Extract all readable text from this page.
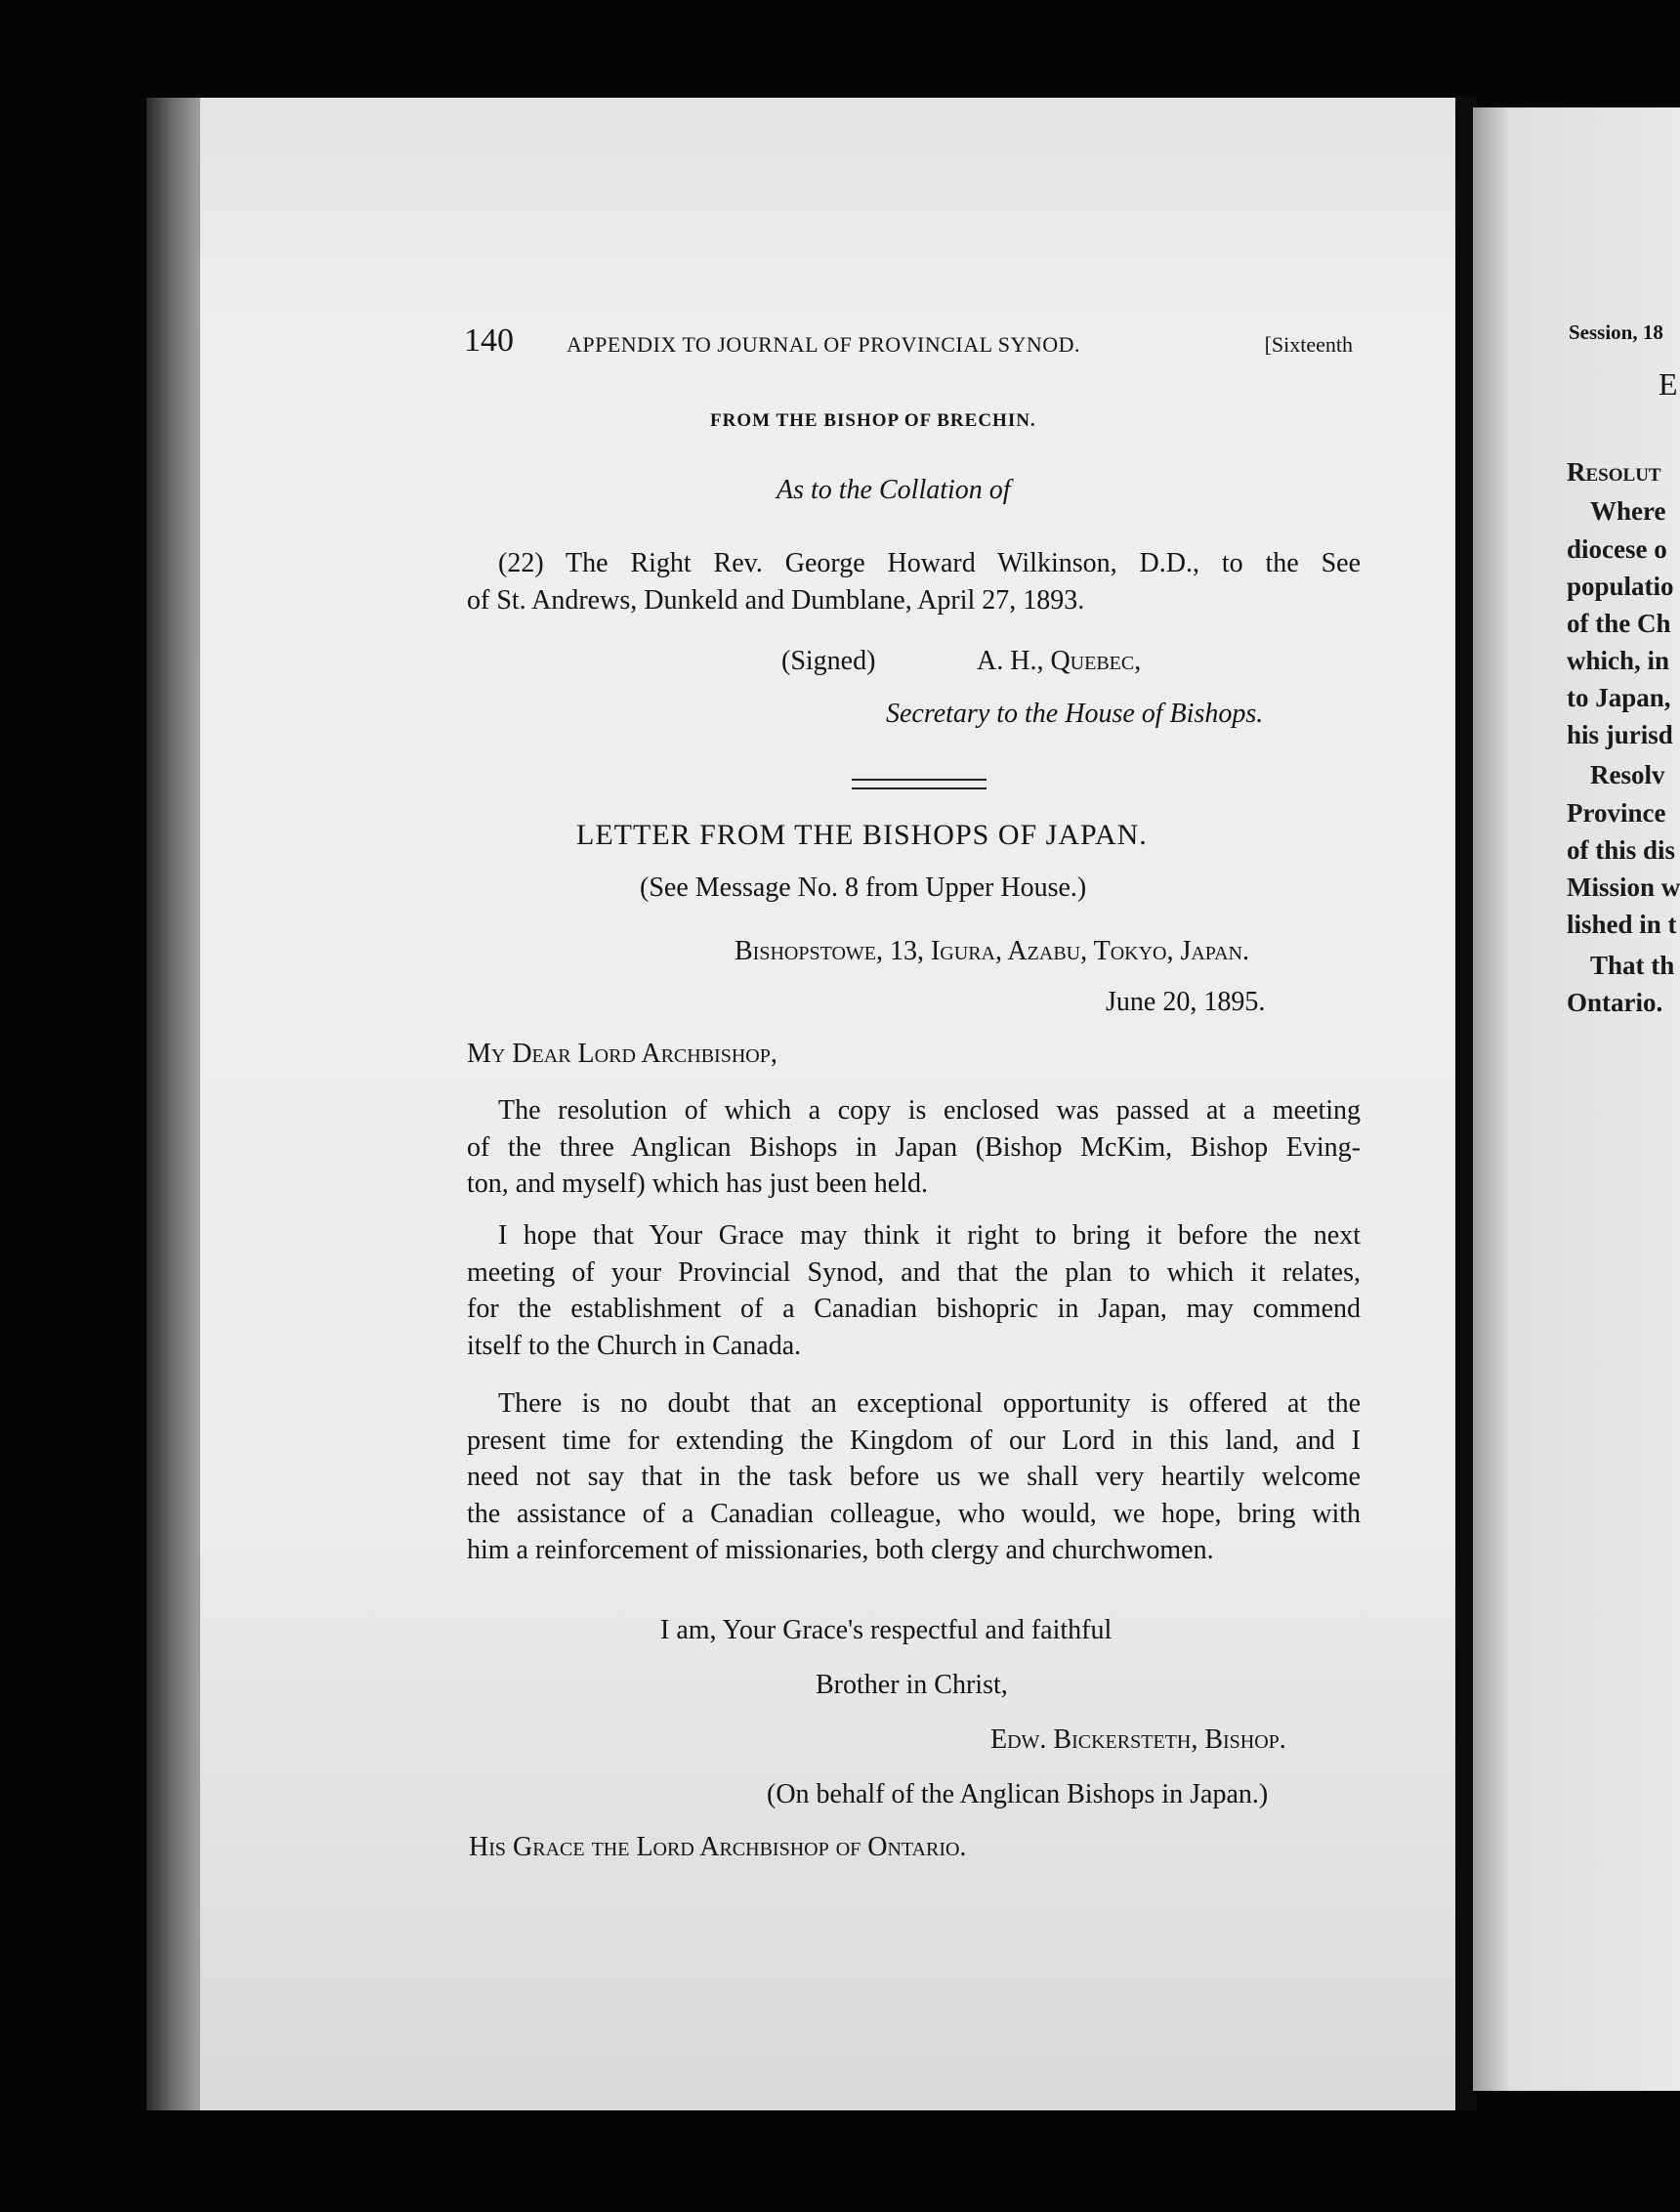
Session, 18
E
Resolut
Where
diocese o
populatio
of the Ch
which, in
to Japan,
his jurisd
Resolv
Province
of this dis
Mission w
lished in t
That th
Ontario.
140 APPENDIX TO JOURNAL OF PROVINCIAL SYNOD.	[Sixteenth
FROM THE BISHOP OF BRECHIN.
As to the Collation of
(22) The Right Rev. George Howard Wilkinson, D.D., to the See
of St. Andrews, Dunkeld and Dumblane, April 27, 1893.
(Signed)	A. H., Quebec,
Secretary to the House of Bishops.
LETTER FROM THE BISHOPS OF JAPAN.
(See Message No. 8 from Upper House.)
Bishopstowe, 13, Igura, Azabu, Tokyo, Japan.
June 20, 1895.
My Dear Lord Archbishop,
The resolution of which a copy is enclosed was passed at a meeting
of the three Anglican Bishops in Japan (Bishop McKim, Bishop Eving-
ton, and myself) which has just been held.
I hope that Your Grace may think it right to bring it before the next
meeting of your Provincial Synod, and that the plan to which it relates,
for the establishment of a Canadian bishopric in Japan, may commend
itself to the Church in Canada.
There is no doubt that an exceptional opportunity is offered at the
present time for extending the Kingdom of our Lord in this land, and I
need not say that in the task before us we shall very heartily welcome
the assistance of a Canadian colleague, who would, we hope, bring with
him a reinforcement of missionaries, both clergy and churchwomen.
I am, Your Grace's respectful and faithful
Brother in Christ,
Edw. Bickersteth, Bishop.
(On behalf of the Anglican Bishops in Japan.)
His Grace the Lord Archbishop of Ontario.
